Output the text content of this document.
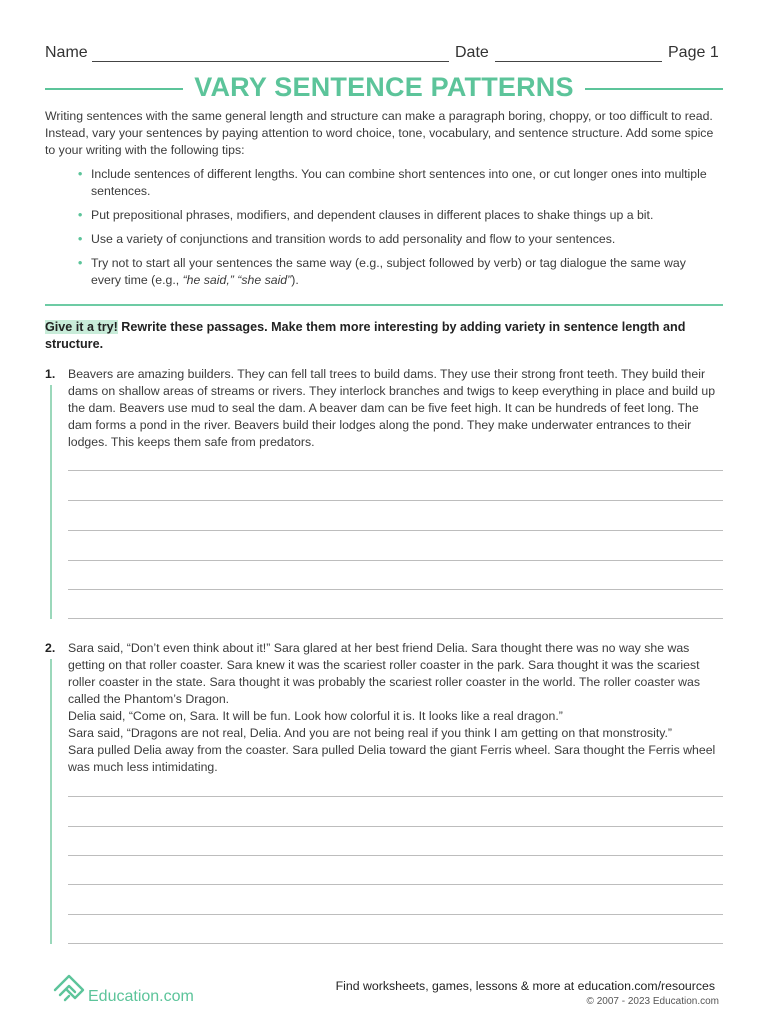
Name	Date	Page 1
VARY SENTENCE PATTERNS
Writing sentences with the same general length and structure can make a paragraph boring, choppy, or too difficult to read. Instead, vary your sentences by paying attention to word choice, tone, vocabulary, and sentence structure. Add some spice to your writing with the following tips:
• Include sentences of different lengths. You can combine short sentences into one, or cut longer ones into multiple sentences.
• Put prepositional phrases, modifiers, and dependent clauses in different places to shake things up a bit.
• Use a variety of conjunctions and transition words to add personality and flow to your sentences.
• Try not to start all your sentences the same way (e.g., subject followed by verb) or tag dialogue the same way every time (e.g., “he said,” “she said”).
Give it a try! Rewrite these passages. Make them more interesting by adding variety in sentence length and structure.
1. Beavers are amazing builders. They can fell tall trees to build dams. They use their strong front teeth. They build their dams on shallow areas of streams or rivers. They interlock branches and twigs to keep everything in place and build up the dam. Beavers use mud to seal the dam. A beaver dam can be five feet high. It can be hundreds of feet long. The dam forms a pond in the river. Beavers build their lodges along the pond. They make underwater entrances to their lodges. This keeps them safe from predators.
2. Sara said, “Don’t even think about it!” Sara glared at her best friend Delia. Sara thought there was no way she was getting on that roller coaster. Sara knew it was the scariest roller coaster in the park. Sara thought it was the scariest roller coaster in the state. Sara thought it was probably the scariest roller coaster in the world. The roller coaster was called the Phantom’s Dragon.
Delia said, “Come on, Sara. It will be fun. Look how colorful it is. It looks like a real dragon.”
Sara said, “Dragons are not real, Delia. And you are not being real if you think I am getting on that monstrosity.”
Sara pulled Delia away from the coaster. Sara pulled Delia toward the giant Ferris wheel. Sara thought the Ferris wheel was much less intimidating.
Education.com
Find worksheets, games, lessons & more at education.com/resources
© 2007 - 2023 Education.com
